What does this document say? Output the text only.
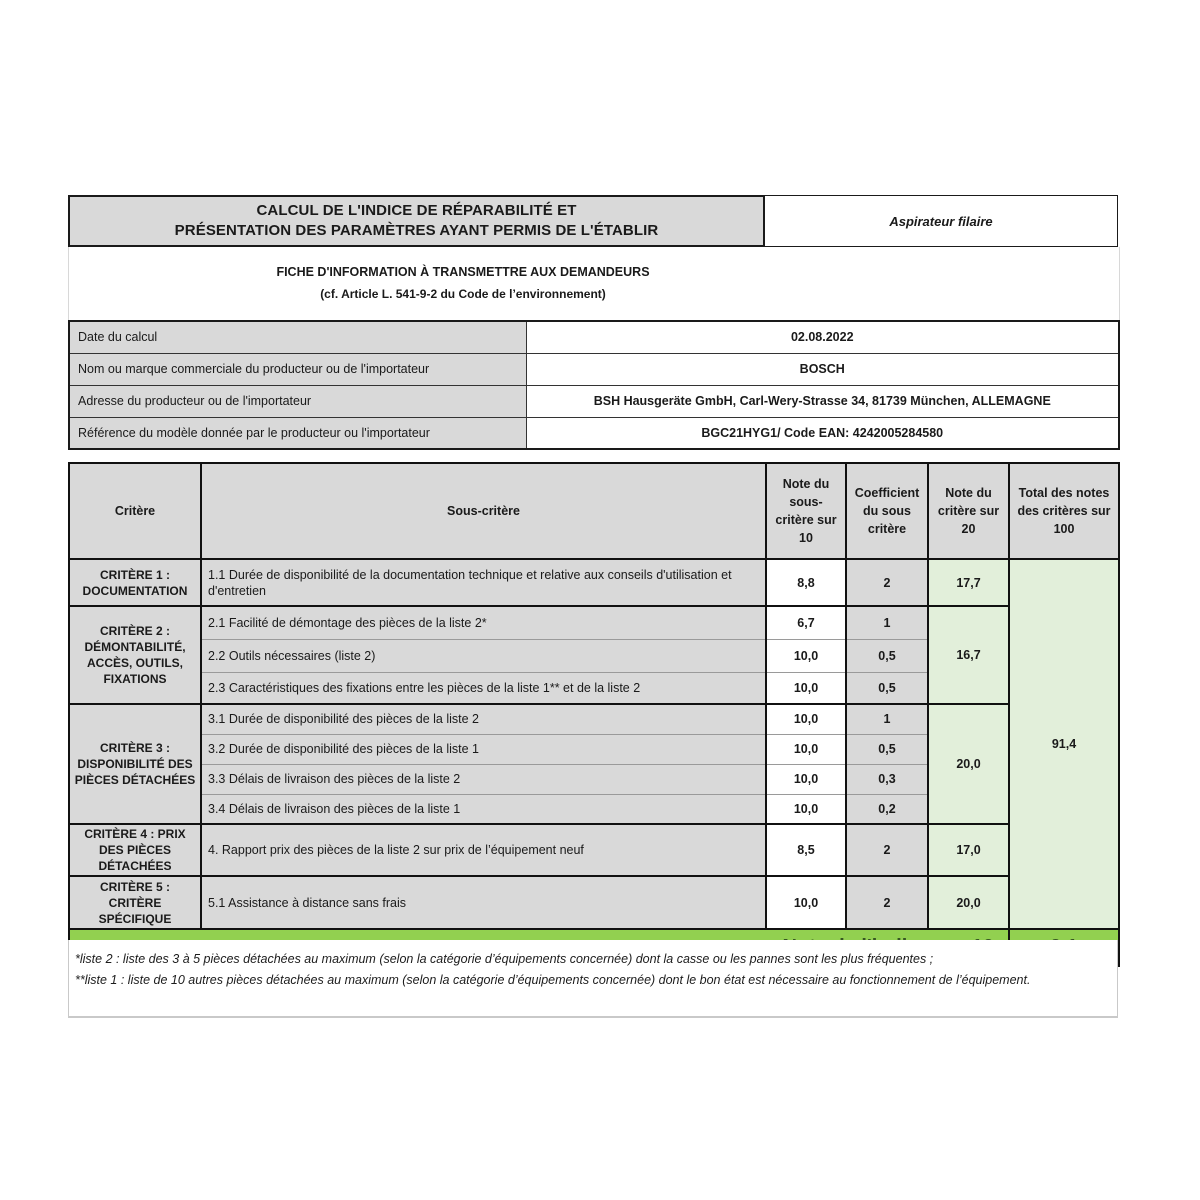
CALCUL DE L'INDICE DE RÉPARABILITÉ ET
PRÉSENTATION DES PARAMÈTRES AYANT PERMIS DE L'ÉTABLIR
Aspirateur filaire
FICHE D'INFORMATION À TRANSMETTRE AUX DEMANDEURS
(cf. Article L. 541-9-2 du Code de l’environnement)
Date du calcul	02.08.2022
Nom ou marque commerciale du producteur ou de l'importateur	BOSCH
Adresse du producteur ou de l'importateur	BSH Hausgeräte GmbH, Carl-Wery-Strasse 34, 81739 München, ALLEMAGNE
Référence du modèle donnée par le producteur ou l'importateur	BGC21HYG1/ Code EAN: 4242005284580
Critère	Sous-critère	Note du sous-critère sur 10	Coefficient du sous critère	Note du critère sur 20	Total des notes des critères sur 100
CRITÈRE 1 : DOCUMENTATION	1.1 Durée de disponibilité de la documentation technique et relative aux conseils d'utilisation et d'entretien	8,8	2	17,7	91,4
CRITÈRE 2 : DÉMONTABILITÉ, ACCÈS, OUTILS, FIXATIONS	2.1 Facilité de démontage des pièces de la liste 2*	6,7	1	16,7	
	2.2 Outils nécessaires (liste 2)	10,0	0,5		
	2.3 Caractéristiques des fixations entre les pièces de la liste 1** et de la liste 2	10,0	0,5		
CRITÈRE 3 : DISPONIBILITÉ DES PIÈCES DÉTACHÉES	3.1 Durée de disponibilité des pièces de la liste 2	10,0	1	20,0	
	3.2 Durée de disponibilité des pièces de la liste 1	10,0	0,5		
	3.3 Délais de livraison des pièces de la liste 2	10,0	0,3		
	3.4 Délais de livraison des pièces de la liste 1	10,0	0,2		
CRITÈRE 4 : PRIX DES PIÈCES DÉTACHÉES	4. Rapport prix des pièces de la liste 2 sur prix de l’équipement neuf	8,5	2	17,0	
CRITÈRE 5 : CRITÈRE SPÉCIFIQUE	5.1 Assistance à distance sans frais	10,0	2	20,0	

*liste 2 : liste des 3 à 5 pièces détachées au maximum (selon la catégorie d’équipements concernée) dont la casse ou les pannes sont les plus fréquentes ;

**liste 1 : liste de 10 autres pièces détachées au maximum (selon la catégorie d’équipements concernée) dont le bon état est nécessaire au fonctionnement de l’équipement.
